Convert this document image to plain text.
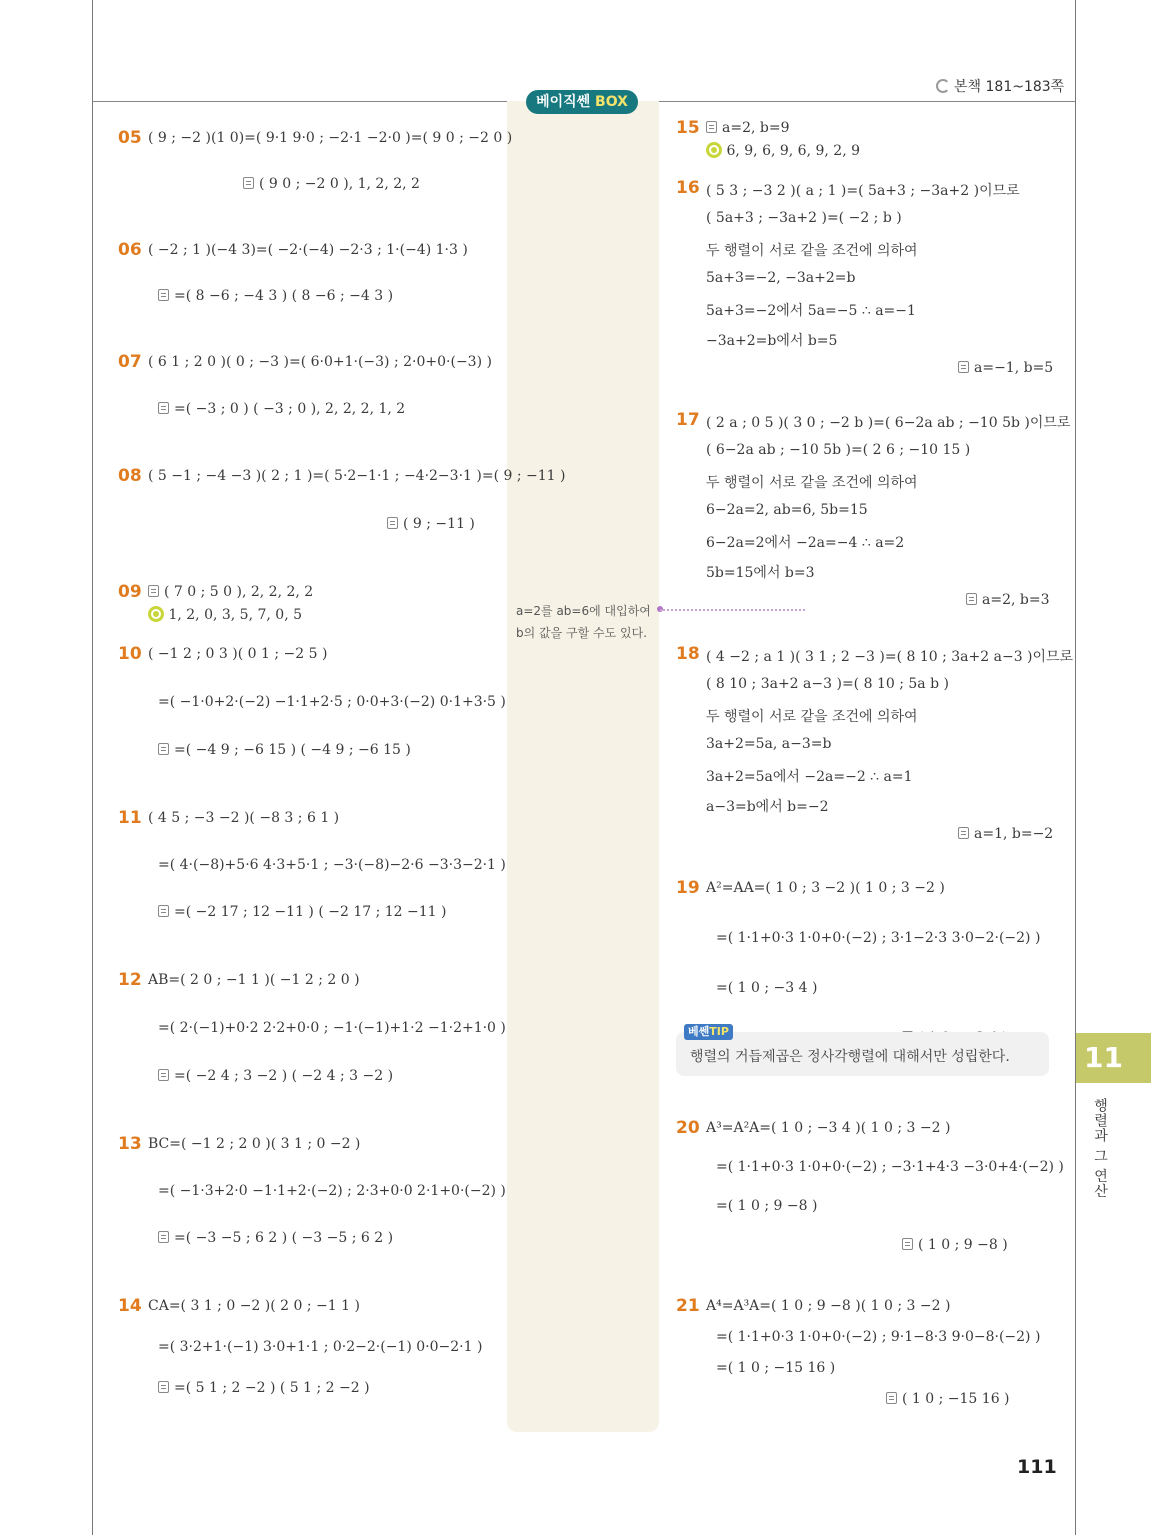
본책 181~183쪽
베이직쎈 BOX
a=2를 ab=6에 대입하여 b의 값을 구할 수도 있다.
05 ( 9 ; −2 )(1 0)=( 9·1 9·0 ; −2·1 −2·0 )=( 9 0 ; −2 0 )
( 9 0 ; −2 0 ), 1, 2, 2, 2
06 ( −2 ; 1 )(−4 3)=( −2·(−4) −2·3 ; 1·(−4) 1·3 )
=( 8 −6 ; −4 3 ) ( 8 −6 ; −4 3 )
07 ( 6 1 ; 2 0 )( 0 ; −3 )=( 6·0+1·(−3) ; 2·0+0·(−3) )
=( −3 ; 0 ) ( −3 ; 0 ), 2, 2, 2, 1, 2
08 ( 5 −1 ; −4 −3 )( 2 ; 1 )=( 5·2−1·1 ; −4·2−3·1 )=( 9 ; −11 )
( 9 ; −11 )
09	( 7 0 ; 5 0 ), 2, 2, 2, 2
1, 2, 0, 3, 5, 7, 0, 5
10 ( −1 2 ; 0 3 )( 0 1 ; −2 5 )
=( −1·0+2·(−2) −1·1+2·5 ; 0·0+3·(−2) 0·1+3·5 )
=( −4 9 ; −6 15 ) ( −4 9 ; −6 15 )
11 ( 4 5 ; −3 −2 )( −8 3 ; 6 1 )
=( 4·(−8)+5·6 4·3+5·1 ; −3·(−8)−2·6 −3·3−2·1 )
=( −2 17 ; 12 −11 ) ( −2 17 ; 12 −11 )
12 AB=( 2 0 ; −1 1 )( −1 2 ; 2 0 )
=( 2·(−1)+0·2 2·2+0·0 ; −1·(−1)+1·2 −1·2+1·0 )
=( −2 4 ; 3 −2 ) ( −2 4 ; 3 −2 )
13 BC=( −1 2 ; 2 0 )( 3 1 ; 0 −2 )
=( −1·3+2·0 −1·1+2·(−2) ; 2·3+0·0 2·1+0·(−2) )
=( −3 −5 ; 6 2 ) ( −3 −5 ; 6 2 )
14 CA=( 3 1 ; 0 −2 )( 2 0 ; −1 1 )
=( 3·2+1·(−1) 3·0+1·1 ; 0·2−2·(−1) 0·0−2·1 )
=( 5 1 ; 2 −2 ) ( 5 1 ; 2 −2 )
15	a=2, b=9
6, 9, 6, 9, 6, 9, 2, 9
16 ( 5 3 ; −3 2 )( a ; 1 )=( 5a+3 ; −3a+2 )이므로
( 5a+3 ; −3a+2 )=( −2 ; b )
두 행렬이 서로 같을 조건에 의하여
5a+3=−2, −3a+2=b
5a+3=−2에서 5a=−5 ∴ a=−1
−3a+2=b에서 b=5
a=−1, b=5
17 ( 2 a ; 0 5 )( 3 0 ; −2 b )=( 6−2a ab ; −10 5b )이므로
( 6−2a ab ; −10 5b )=( 2 6 ; −10 15 )
두 행렬이 서로 같을 조건에 의하여
6−2a=2, ab=6, 5b=15
6−2a=2에서 −2a=−4 ∴ a=2
5b=15에서 b=3
a=2, b=3
18 ( 4 −2 ; a 1 )( 3 1 ; 2 −3 )=( 8 10 ; 3a+2 a−3 )이므로
( 8 10 ; 3a+2 a−3 )=( 8 10 ; 5a b )
두 행렬이 서로 같을 조건에 의하여
3a+2=5a, a−3=b
3a+2=5a에서 −2a=−2 ∴ a=1
a−3=b에서 b=−2
a=1, b=−2
19 A²=AA=( 1 0 ; 3 −2 )( 1 0 ; 3 −2 )
=( 1·1+0·3 1·0+0·(−2) ; 3·1−2·3 3·0−2·(−2) )
=( 1 0 ; −3 4 )
20 A³=A²A=( 1 0 ; −3 4 )( 1 0 ; 3 −2 )
=( 1·1+0·3 1·0+0·(−2) ; −3·1+4·3 −3·0+4·(−2) )
=( 1 0 ; 9 −8 )
( 1 0 ; 9 −8 )
21 A⁴=A³A=( 1 0 ; 9 −8 )( 1 0 ; 3 −2 )
=( 1·1+0·3 1·0+0·(−2) ; 9·1−8·3 9·0−8·(−2) )
=( 1 0 ; −15 16 )
( 1 0 ; −15 16 )
베쎈TIP
행렬의 거듭제곱은 정사각행렬에 대해서만 성립한다.	11
행렬과 그 연산
111
